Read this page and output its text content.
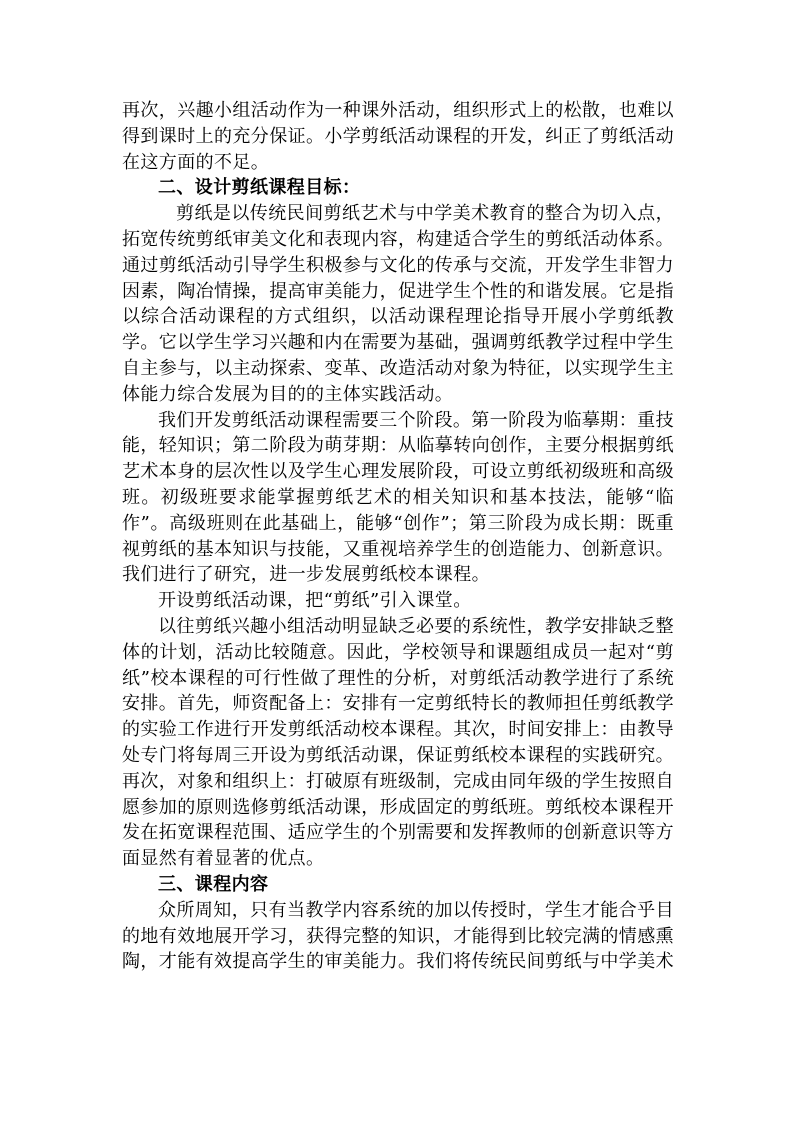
再次，兴趣小组活动作为一种课外活动，组织形式上的松散，也难以得到课时上的充分保证。小学剪纸活动课程的开发，纠正了剪纸活动在这方面的不足。

二、设计剪纸课程目标：

剪纸是以传统民间剪纸艺术与中学美术教育的整合为切入点，拓宽传统剪纸审美文化和表现内容，构建适合学生的剪纸活动体系。通过剪纸活动引导学生积极参与文化的传承与交流，开发学生非智力因素，陶冶情操，提高审美能力，促进学生个性的和谐发展。它是指以综合活动课程的方式组织，以活动课程理论指导开展小学剪纸教学。它以学生学习兴趣和内在需要为基础，强调剪纸教学过程中学生自主参与，以主动探索、变革、改造活动对象为特征，以实现学生主体能力综合发展为目的的主体实践活动。

我们开发剪纸活动课程需要三个阶段。第一阶段为临摹期：重技能，轻知识；第二阶段为萌芽期：从临摹转向创作，主要分根据剪纸艺术本身的层次性以及学生心理发展阶段，可设立剪纸初级班和高级班。初级班要求能掌握剪纸艺术的相关知识和基本技法，能够“临作”。高级班则在此基础上，能够“创作”；第三阶段为成长期：既重视剪纸的基本知识与技能，又重视培养学生的创造能力、创新意识。我们进行了研究，进一步发展剪纸校本课程。

开设剪纸活动课，把“剪纸”引入课堂。

以往剪纸兴趣小组活动明显缺乏必要的系统性，教学安排缺乏整体的计划，活动比较随意。因此，学校领导和课题组成员一起对“剪纸”校本课程的可行性做了理性的分析，对剪纸活动教学进行了系统安排。首先，师资配备上：安排有一定剪纸特长的教师担任剪纸教学的实验工作进行开发剪纸活动校本课程。其次，时间安排上：由教导处专门将每周三开设为剪纸活动课，保证剪纸校本课程的实践研究。再次，对象和组织上：打破原有班级制，完成由同年级的学生按照自愿参加的原则选修剪纸活动课，形成固定的剪纸班。剪纸校本课程开发在拓宽课程范围、适应学生的个别需要和发挥教师的创新意识等方面显然有着显著的优点。

三、课程内容

众所周知，只有当教学内容系统的加以传授时，学生才能合乎目的地有效地展开学习，获得完整的知识，才能得到比较完满的情感熏陶，才能有效提高学生的审美能力。我们将传统民间剪纸与中学美术
